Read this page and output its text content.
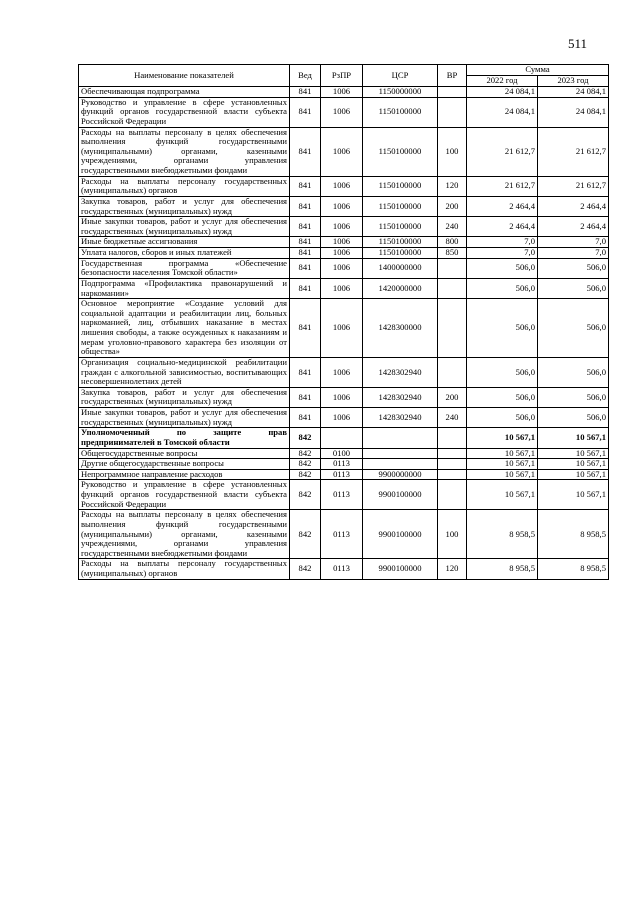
511
Наименование показателей	Вед	РзПР	ЦСР	ВР	Сумма	
					2022 год	2023 год
Обеспечивающая подпрограмма	841	1006	1150000000		24 084,1	24 084,1
Руководство и управление в сфере установленных функций органов государственной власти субъекта Российской Федерации	841	1006	1150100000		24 084,1	24 084,1
Расходы на выплаты персоналу в целях обеспечения выполнения функций государственными (муниципальными) органами, казенными учреждениями, органами управления государственными внебюджетными фондами	841	1006	1150100000	100	21 612,7	21 612,7
Расходы на выплаты персоналу государственных (муниципальных) органов	841	1006	1150100000	120	21 612,7	21 612,7
Закупка товаров, работ и услуг для обеспечения государственных (муниципальных) нужд	841	1006	1150100000	200	2 464,4	2 464,4
Иные закупки товаров, работ и услуг для обеспечения государственных (муниципальных) нужд	841	1006	1150100000	240	2 464,4	2 464,4
Иные бюджетные ассигнования	841	1006	1150100000	800	7,0	7,0
Уплата налогов, сборов и иных платежей	841	1006	1150100000	850	7,0	7,0
Государственная программа «Обеспечение безопасности населения Томской области»	841	1006	1400000000		506,0	506,0
Подпрограмма «Профилактика правонарушений и наркомании»	841	1006	1420000000		506,0	506,0
Основное мероприятие «Создание условий для социальной адаптации и реабилитации лиц, больных наркоманией, лиц, отбывших наказание в местах лишения свободы, а также осужденных к наказаниям и мерам уголовно-правового характера без изоляции от общества»	841	1006	1428300000		506,0	506,0
Организация социально-медицинской реабилитации граждан с алкогольной зависимостью, воспитывающих несовершеннолетних детей	841	1006	1428302940		506,0	506,0
Закупка товаров, работ и услуг для обеспечения государственных (муниципальных) нужд	841	1006	1428302940	200	506,0	506,0
Иные закупки товаров, работ и услуг для обеспечения государственных (муниципальных) нужд	841	1006	1428302940	240	506,0	506,0
Уполномоченный по защите прав предпринимателей в Томской области	842				10 567,1	10 567,1
Общегосударственные вопросы	842	0100			10 567,1	10 567,1
Другие общегосударственные вопросы	842	0113			10 567,1	10 567,1
Непрограммное направление расходов	842	0113	9900000000		10 567,1	10 567,1
Руководство и управление в сфере установленных функций органов государственной власти субъекта Российской Федерации	842	0113	9900100000		10 567,1	10 567,1
Расходы на выплаты персоналу в целях обеспечения выполнения функций государственными (муниципальными) органами, казенными учреждениями, органами управления государственными внебюджетными фондами	842	0113	9900100000	100	8 958,5	8 958,5
Расходы на выплаты персоналу государственных (муниципальных) органов	842	0113	9900100000	120	8 958,5	8 958,5
